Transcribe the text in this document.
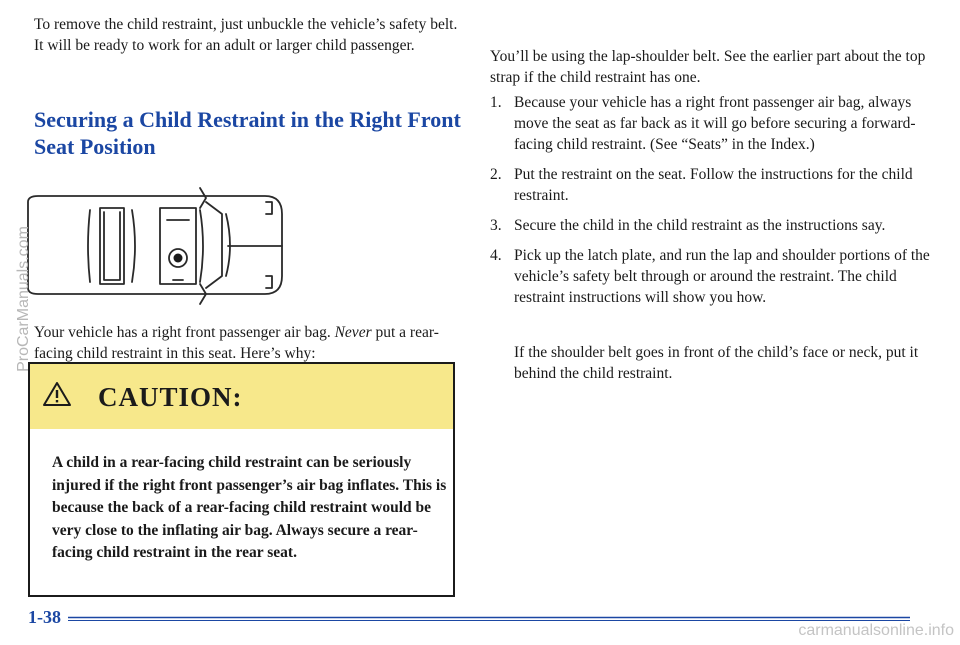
To remove the child restraint, just unbuckle the vehicle’s safety belt. It will be ready to work for an adult or larger child passenger.

Securing a Child Restraint in the Right Front Seat Position

Your vehicle has a right front passenger air bag. Never put a rear-facing child restraint in this seat. Here’s why:

CAUTION:

A child in a rear-facing child restraint can be seriously injured if the right front passenger’s air bag inflates. This is because the back of a rear-facing child restraint would be very close to the inflating air bag. Always secure a rear-facing child restraint in the rear seat.

You’ll be using the lap-shoulder belt. See the earlier part about the top strap if the child restraint has one.

1. Because your vehicle has a right front passenger air bag, always move the seat as far back as it will go before securing a forward-facing child restraint. (See “Seats” in the Index.)
2. Put the restraint on the seat. Follow the instructions for the child restraint.
3. Secure the child in the child restraint as the instructions say.
4. Pick up the latch plate, and run the lap and shoulder portions of the vehicle’s safety belt through or around the restraint. The child restraint instructions will show you how.

If the shoulder belt goes in front of the child’s face or neck, put it behind the child restraint.

1-38
ProCarManuals.com
carmanualsonline.info
